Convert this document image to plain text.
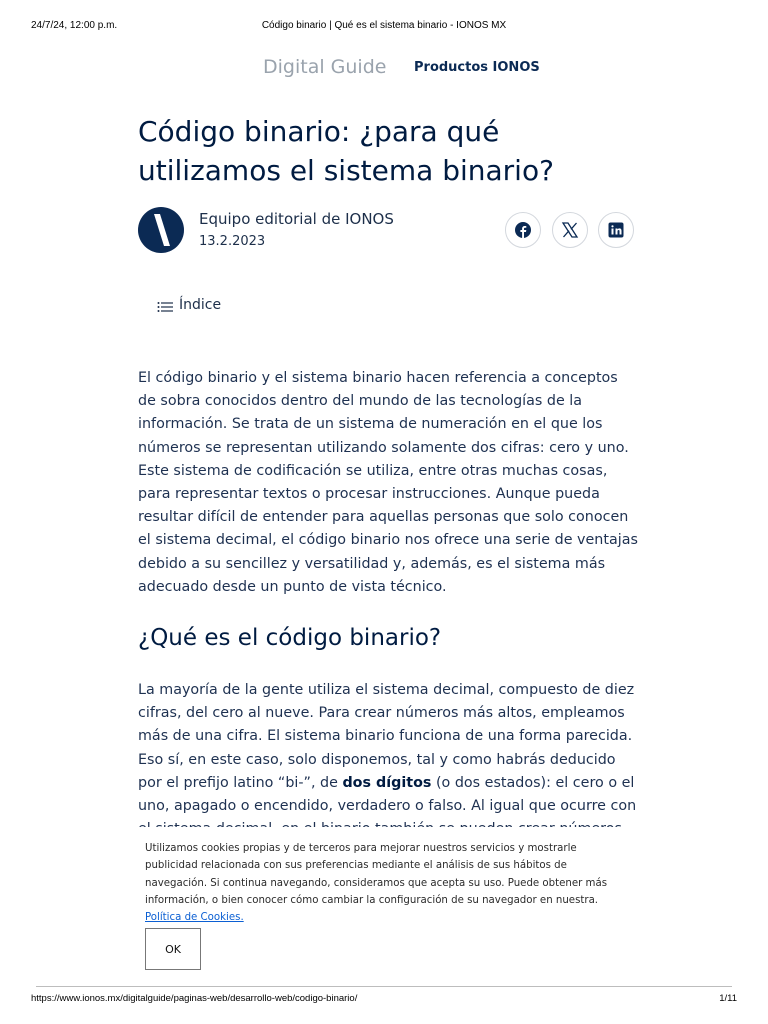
24/7/24, 12:00 p.m.	Código binario | Qué es el sistema binario - IONOS MX
Digital Guide Productos IONOS
Código binario: ¿para qué utilizamos el sistema binario?
Equipo editorial de IONOS
13.2.2023

Índice

El código binario y el sistema binario hacen referencia a conceptos de sobra conocidos dentro del mundo de las tecnologías de la información. Se trata de un sistema de numeración en el que los números se representan utilizando solamente dos cifras: cero y uno. Este sistema de codificación se utiliza, entre otras muchas cosas, para representar textos o procesar instrucciones. Aunque pueda resultar difícil de entender para aquellas personas que solo conocen el sistema decimal, el código binario nos ofrece una serie de ventajas debido a su sencillez y versatilidad y, además, es el sistema más adecuado desde un punto de vista técnico.

¿Qué es el código binario?

La mayoría de la gente utiliza el sistema decimal, compuesto de diez cifras, del cero al nueve. Para crear números más altos, empleamos más de una cifra. El sistema binario funciona de una forma parecida. Eso sí, en este caso, solo disponemos, tal y como habrás deducido por el prefijo latino “bi-”, de dos dígitos (o dos estados): el cero o el uno, apagado o encendido, verdadero o falso. Al igual que ocurre con

Utilizamos cookies propias y de terceros para mejorar nuestros servicios y mostrarle publicidad relacionada con sus preferencias mediante el análisis de sus hábitos de navegación. Si continua navegando, consideramos que acepta su uso. Puede obtener más información, o bien conocer cómo cambiar la configuración de su navegador en nuestra.
Política de Cookies.
OK
https://www.ionos.mx/digitalguide/paginas-web/desarrollo-web/codigo-binario/	1/11
